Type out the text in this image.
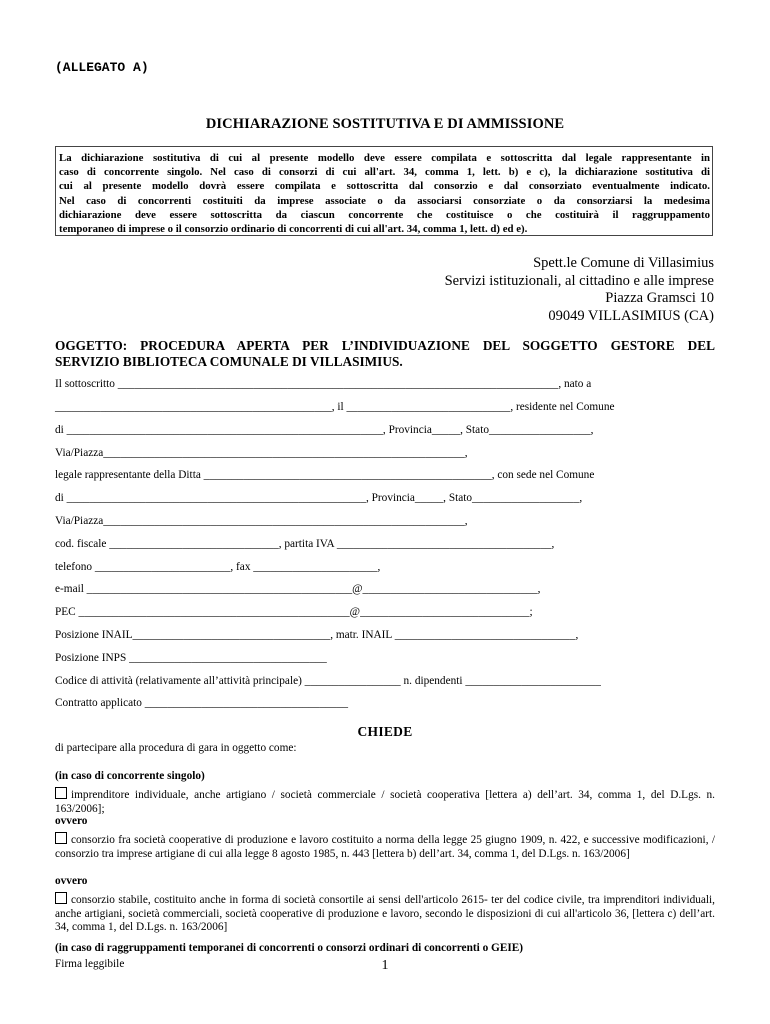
(ALLEGATO A)
DICHIARAZIONE SOSTITUTIVA E DI AMMISSIONE
La dichiarazione sostitutiva di cui al presente modello deve essere compilata e sottoscritta dal legale rappresentante in
caso di concorrente singolo. Nel caso di consorzi di cui all'art. 34, comma 1, lett. b) e c), la dichiarazione sostitutiva di
cui al presente modello dovrà essere compilata e sottoscritta dal consorzio e dal consorziato eventualmente indicato.
Nel caso di concorrenti costituiti da imprese associate o da associarsi consorziate o da consorziarsi la medesima
dichiarazione deve essere sottoscritta da ciascun concorrente che costituisce o che costituirà il raggruppamento
temporaneo di imprese o il consorzio ordinario di concorrenti di cui all'art. 34, comma 1, lett. d) ed e).
Spett.le Comune di Villasimius
Servizi istituzionali, al cittadino e alle imprese
Piazza Gramsci 10
09049 VILLASIMIUS (CA)
OGGETTO: PROCEDURA APERTA PER L’INDIVIDUAZIONE DEL SOGGETTO GESTORE DEL
SERVIZIO BIBLIOTECA COMUNALE DI VILLASIMIUS.
Il sottoscritto ______________________________________________________________________________, nato a
_________________________________________________, il _____________________________, residente nel Comune
di ________________________________________________________, Provincia_____, Stato__________________,
Via/Piazza________________________________________________________________,
legale rappresentante della Ditta ___________________________________________________, con sede nel Comune
di _____________________________________________________, Provincia_____, Stato___________________,
Via/Piazza________________________________________________________________,
cod. fiscale ______________________________, partita IVA ______________________________________,
telefono ________________________, fax ______________________,
e-mail _______________________________________________@_______________________________,
PEC ________________________________________________@______________________________;
Posizione INAIL___________________________________, matr. INAIL ________________________________,
Posizione INPS ___________________________________
Codice di attività (relativamente all’attività principale) _________________ n. dipendenti ________________________
Contratto applicato ____________________________________
CHIEDE
di partecipare alla procedura di gara in oggetto come:
(in caso di concorrente singolo)
imprenditore individuale, anche artigiano / società commerciale / società cooperativa [lettera a) dell’art. 34, comma 1, del D.Lgs. n. 163/2006];
ovvero
consorzio fra società cooperative di produzione e lavoro costituito a norma della legge 25 giugno 1909, n. 422, e successive modificazioni, / consorzio tra imprese artigiane di cui alla legge 8 agosto 1985, n. 443 [lettera b) dell’art. 34, comma 1, del D.Lgs. n. 163/2006]
ovvero
consorzio stabile, costituito anche in forma di società consortile ai sensi dell'articolo 2615- ter del codice civile, tra imprenditori individuali, anche artigiani, società commerciali, società cooperative di produzione e lavoro, secondo le disposizioni di cui all'articolo 36, [lettera c) dell’art. 34, comma 1, del D.Lgs. n. 163/2006]
(in caso di raggruppamenti temporanei di concorrenti o consorzi ordinari di concorrenti o GEIE)
Firma leggibile	1
